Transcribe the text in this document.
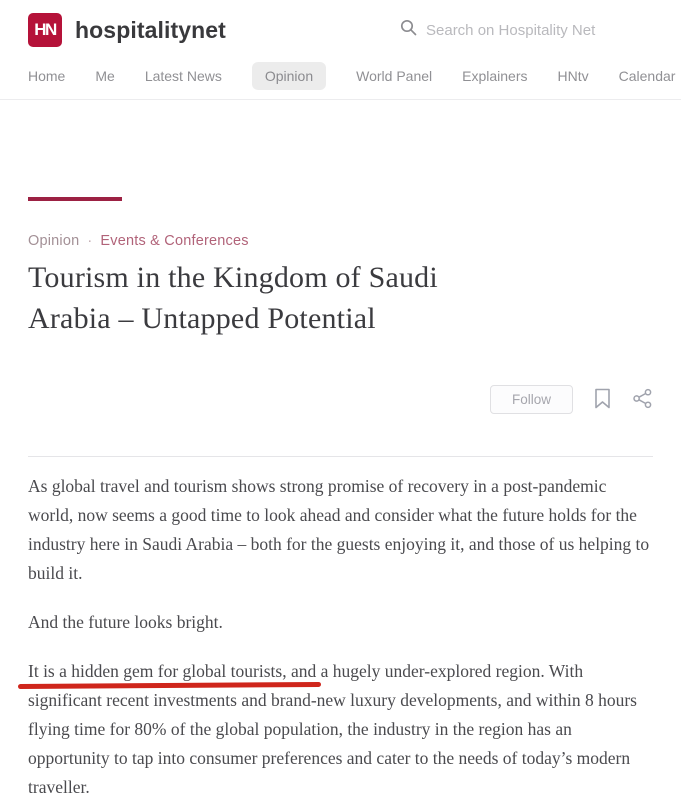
HN hospitalitynet
Search on Hospitality Net
Home Me Latest News	Opinion	World Panel Explainers HNtv Calendar
Opinion · Events & Conferences
Tourism in the Kingdom of Saudi
Arabia – Untapped Potential
Follow

As global travel and tourism shows strong promise of recovery in a post-pandemic world, now seems a good time to look ahead and consider what the future holds for the industry here in Saudi Arabia – both for the guests enjoying it, and those of us helping to build it.

And the future looks bright.

It is a hidden gem for global tourists, and
a hugely under-explored region. With significant recent investments and brand-new luxury developments, and within 8 hours flying time for 80% of the global population, the industry in the region has an opportunity to tap into consumer preferences and cater to the needs of today’s modern traveller.
